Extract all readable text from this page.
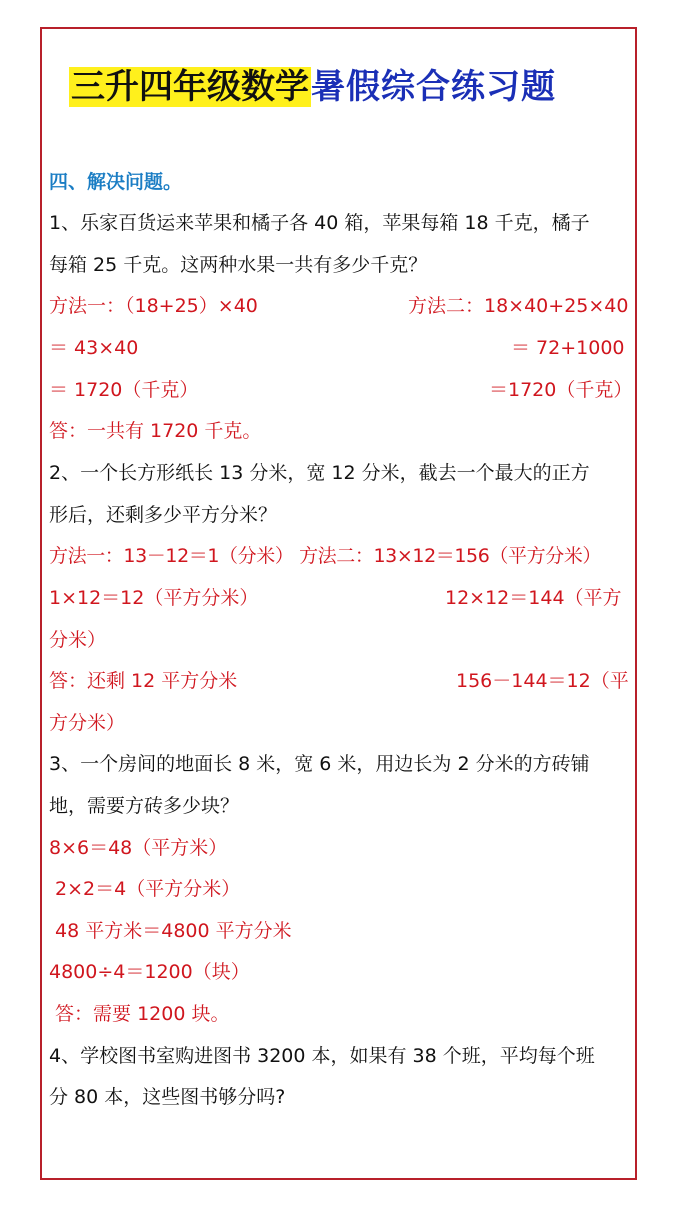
三升四年级数学暑假综合练习题
四、解决问题。
1、乐家百货运来苹果和橘子各 40 箱，苹果每箱 18 千克，橘子
每箱 25 千克。这两种水果一共有多少千克？
方法一：（18+25）×40	方法二：18×40+25×40
＝ 43×40	＝ 72+1000
＝ 1720（千克）	＝1720（千克）
答：一共有 1720 千克。
2、一个长方形纸长 13 分米，宽 12 分米，截去一个最大的正方
形后，还剩多少平方分米？
方法一：13－12＝1（分米） 方法二：13×12＝156（平方分米）
1×12＝12（平方分米）	12×12＝144（平方
分米）
答：还剩 12 平方分米	156－144＝12（平
方分米）
3、一个房间的地面长 8 米，宽 6 米，用边长为 2 分米的方砖铺
地，需要方砖多少块？
8×6＝48（平方米）
2×2＝4（平方分米）
48 平方米＝4800 平方分米
4800÷4＝1200（块）
答：需要 1200 块。
4、学校图书室购进图书 3200 本，如果有 38 个班，平均每个班
分 80 本，这些图书够分吗?
